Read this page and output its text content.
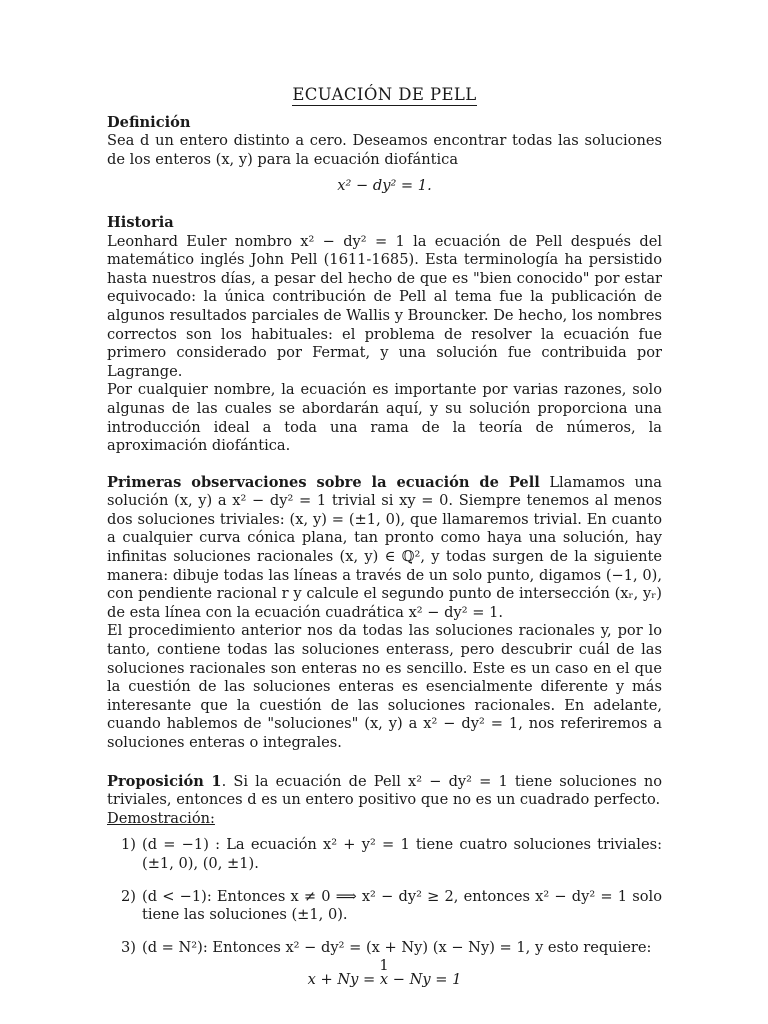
ECUACIÓN DE PELL

Definición

Sea d un entero distinto a cero. Deseamos encontrar todas las soluciones de los enteros (x, y) para la ecuación diofántica

x² − dy² = 1.

Historia

Leonhard Euler nombro x² − dy² = 1 la ecuación de Pell después del matemático inglés John Pell (1611-1685). Esta terminología ha persistido hasta nuestros días, a pesar del hecho de que es "bien conocido" por estar equivocado: la única contribución de Pell al tema fue la publicación de algunos resultados parciales de Wallis y Brouncker. De hecho, los nombres correctos son los habituales: el problema de resolver la ecuación fue primero considerado por Fermat, y una solución fue contribuida por Lagrange.

Por cualquier nombre, la ecuación es importante por varias razones, solo algunas de las cuales se abordarán aquí, y su solución proporciona una introducción ideal a toda una rama de la teoría de números, la aproximación diofántica.

Primeras observaciones sobre la ecuación de Pell Llamamos una solución (x, y) a x² − dy² = 1 trivial si xy = 0. Siempre tenemos al menos dos soluciones triviales: (x, y) = (±1, 0), que llamaremos trivial. En cuanto a cualquier curva cónica plana, tan pronto como haya una solución, hay infinitas soluciones racionales (x, y) ∈ ℚ², y todas surgen de la siguiente manera: dibuje todas las líneas a través de un solo punto, digamos (−1, 0), con pendiente racional r y calcule el segundo punto de intersección (xᵣ, yᵣ) de esta línea con la ecuación cuadrática x² − dy² = 1.

El procedimiento anterior nos da todas las soluciones racionales y, por lo tanto, contiene todas las soluciones enterass, pero descubrir cuál de las soluciones racionales son enteras no es sencillo. Este es un caso en el que la cuestión de las soluciones enteras es esencialmente diferente y más interesante que la cuestión de las soluciones racionales. En adelante, cuando hablemos de "soluciones" (x, y) a x² − dy² = 1, nos referiremos a soluciones enteras o integrales.

Proposición 1. Si la ecuación de Pell x² − dy² = 1 tiene soluciones no triviales, entonces d es un entero positivo que no es un cuadrado perfecto.

Demostración:

1) (d = −1) : La ecuación x² + y² = 1 tiene cuatro soluciones triviales: (±1, 0), (0, ±1).
2) (d < −1): Entonces x ≠ 0 ⟹ x² − dy² ≥ 2, entonces x² − dy² = 1 solo tiene las soluciones (±1, 0).
3) (d = N²): Entonces x² − dy² = (x + Ny) (x − Ny) = 1, y esto requiere:

x + Ny = x − Ny = 1

1
